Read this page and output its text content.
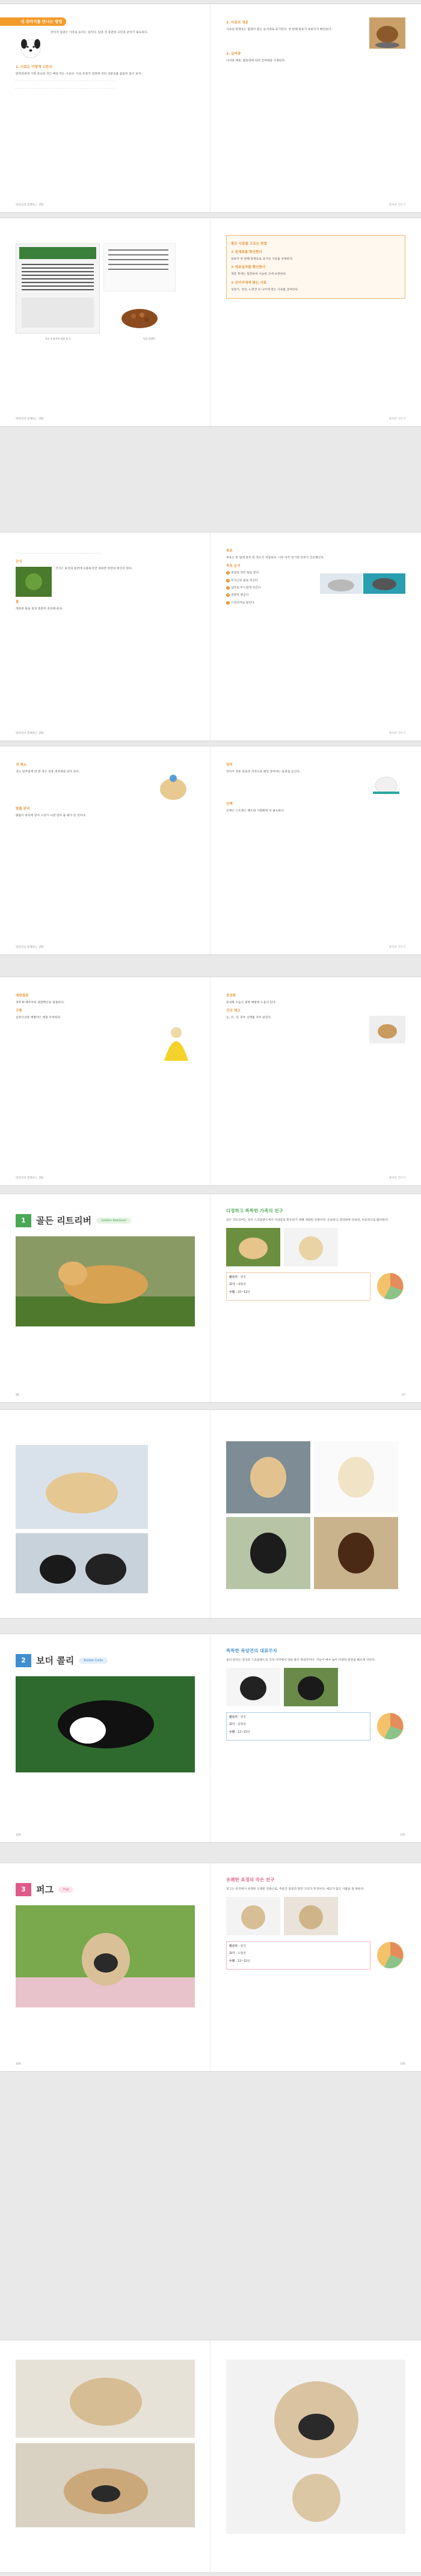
내 강아지를 만나는 방법
강아지 입양은 가족을 늘리는 일이다. 입양 전 충분한 고민과 준비가 필요하다.
1. 사료는 이렇게 고른다
반려견에게 가장 중요한 것은 매일 먹는 사료다. 사료 포장지 뒷면에 적힌 성분표를 꼼꼼히 읽어 보자.
· · · · · · · · · · · · · · · · · · · · · · · · · · · · · · · · · · · · · · · · · · · · · · · · · · · · · ·
· · · · · · · · · · · · · · · · · · · · · · · · · · · · · · · · · · · · · · · · · · · · · · · · · · · · · · ·
반려견과 함께하는 생활
2. 사료의 성분
사료의 원재료는 함량이 많은 순서대로 표기된다. 첫 번째 원료가 육류인지 확인한다.
3. 급여량
나이와 체중, 활동량에 따라 급여량을 조절한다.
강아지 기르기

사료 포장지의 성분 표기	사료 알갱이
반려견과 함께하는 생활
좋은 사료를 고르는 방법
① 원재료를 확인한다
육류가 첫 번째 원재료로 표기된 사료를 선택한다.
② 제조일자를 확인한다
개봉 후에는 밀봉하여 서늘한 곳에 보관한다.
③ 강아지에게 맞는 사료
성장기, 성견, 노령견 등 나이에 맞는 사료를 급여한다.
강아지 기르기
· · · · · · · · · · · · · · · · · · · · · · · · · · · · · · · · · · · · · · · · · · · · · · ·
간식
간식은 보상과 훈련에 유용하지만 과하면 비만의 원인이 된다.
물
깨끗한 물을 항상 충분히 준비해 둔다.
반려견과 함께하는 생활
목욕
목욕은 한 달에 한두 번 정도가 적당하다. 너무 자주 씻기면 피부가 건조해진다.
목욕 순서
1 빗질로 엉킨 털을 푼다
2 미지근한 물로 적신다
3 샴푸로 부드럽게 씻긴다
4 충분히 헹군다
5 드라이어로 말린다

강아지 기르기
귀 청소
귀는 일주일에 한 번 정도 전용 세정제로 닦아 준다.
발톱 관리
발톱이 바닥에 닿아 소리가 나면 깎아 줄 때가 된 것이다.
반려견과 함께하는 생활
양치
강아지 전용 칫솔과 치약으로 매일 양치하는 습관을 들인다.
산책
산책은 스트레스 해소와 사회화에 꼭 필요하다.
강아지 기르기
예방접종
생후 6~8주부터 종합백신을 접종한다.
구충
심장사상충 예방약은 매달 투여한다.
반려견과 함께하는 생활
중성화
중성화 수술은 질병 예방에 도움이 된다.
건강 체크
눈, 코, 귀, 피부 상태를 자주 살핀다.
강아지 기르기
1	골든 리트리버	Golden Retriever
96
다정하고 똑똑한 가족의 친구
골든 리트리버는 영국 스코틀랜드에서 사냥감을 회수하기 위해 개량된 견종이다. 온순하고 영리하여 안내견, 치료견으로 활약한다.
원산지 : 영국
크기 : 대형견
수명 : 10~12년
97

2	보더 콜리	Border Collie
100
똑똑한 목양견의 대표주자
보더 콜리는 영국과 스코틀랜드의 국경 지역에서 양을 몰던 목양견이다. 지능이 매우 높아 다양한 훈련을 빠르게 익힌다.
원산지 : 영국
크기 : 중형견
수명 : 12~15년
101
3	퍼그	Pug
104
유쾌한 표정의 작은 친구
퍼그는 중국에서 유래한 오래된 견종으로, 주름진 얼굴과 말린 꼬리가 특징이다. 애교가 많고 사람을 잘 따른다.
원산지 : 중국
크기 : 소형견
수명 : 12~15년
105
